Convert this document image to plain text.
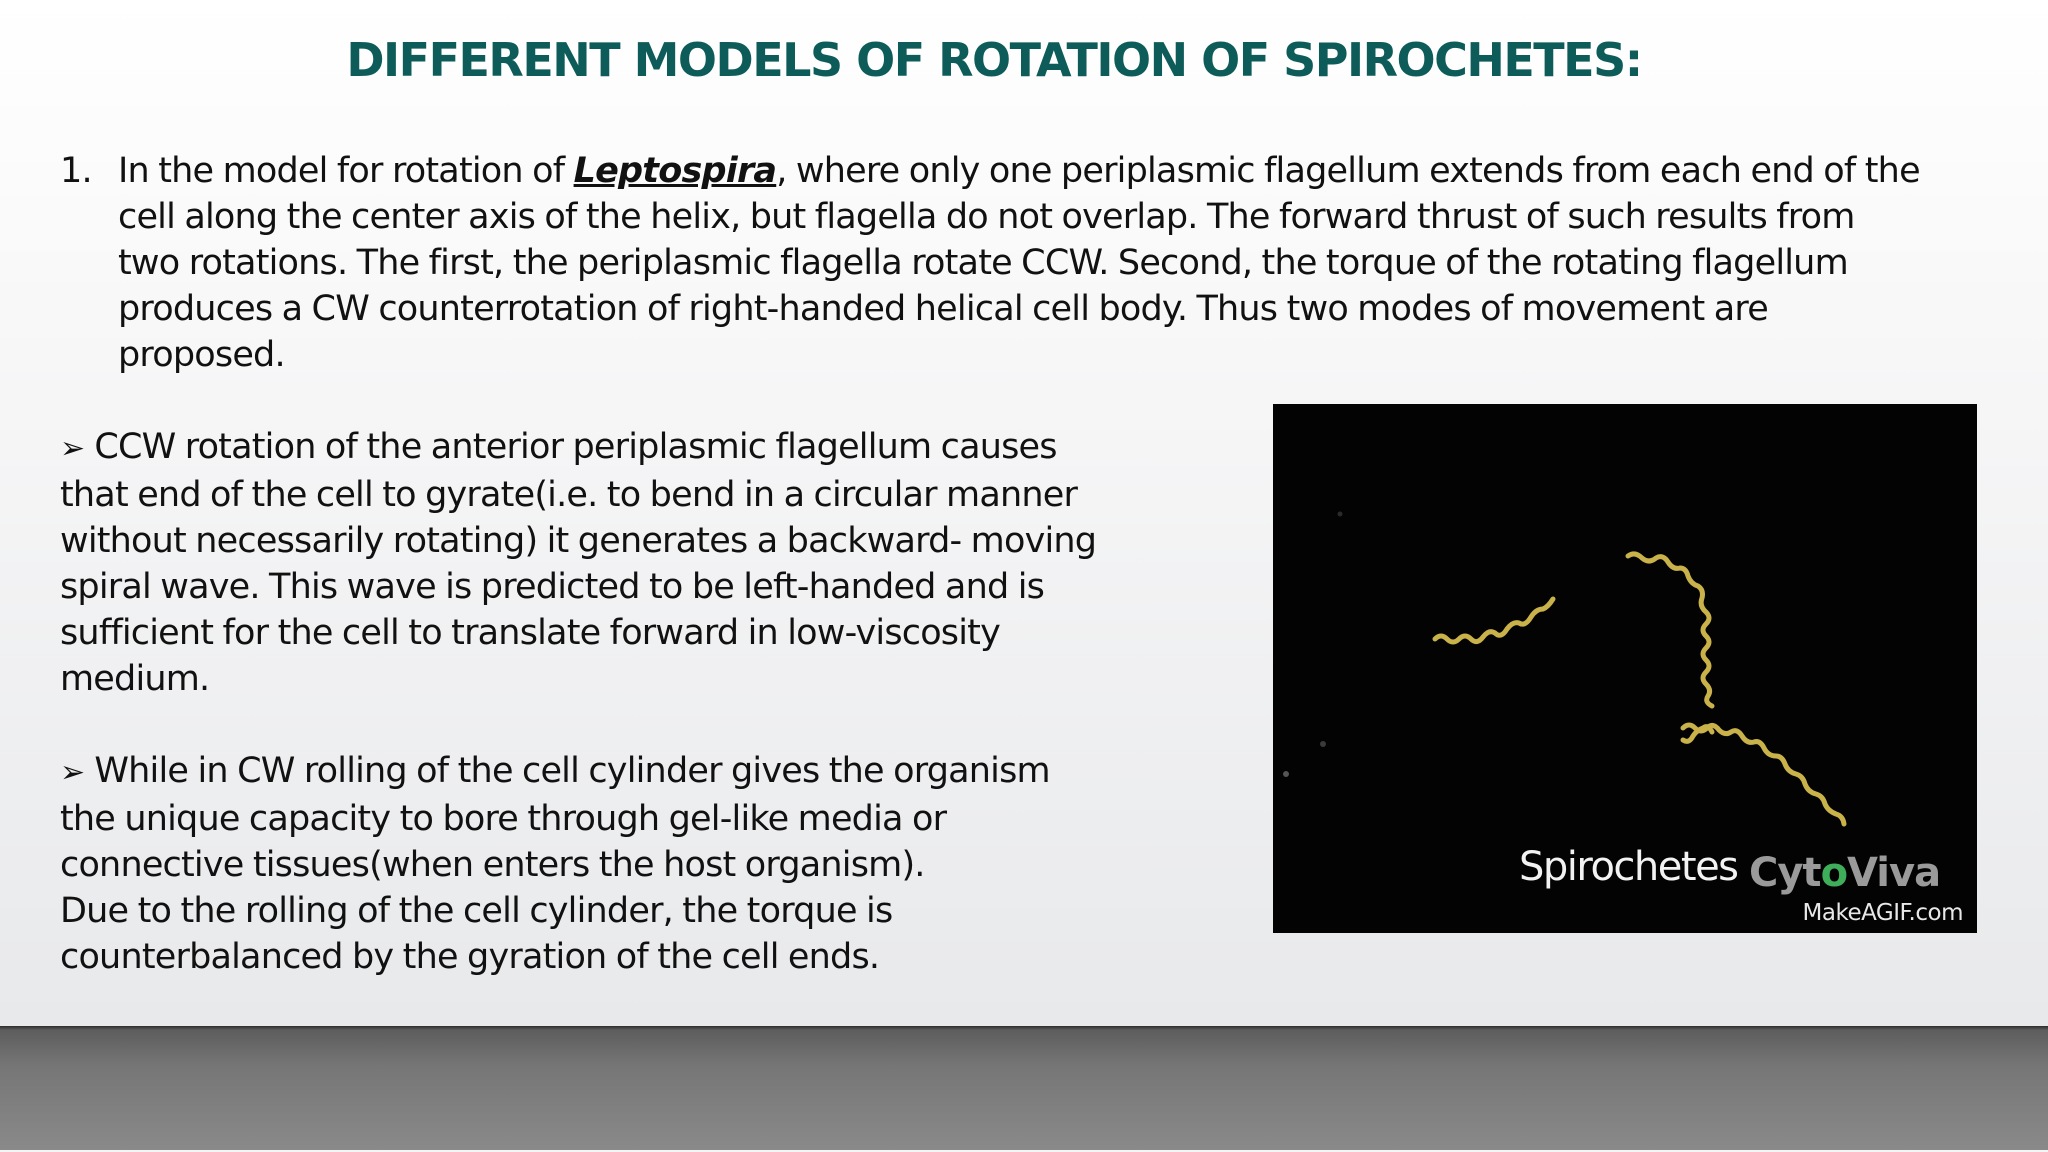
DIFFERENT MODELS OF ROTATION OF SPIROCHETES:
1. In the model for rotation of Leptospira, where only one periplasmic flagellum extends from each end of the cell along the center axis of the helix, but flagella do not overlap. The forward thrust of such results from two rotations. The first, the periplasmic flagella rotate CCW. Second, the torque of the rotating flagellum produces a CW counterrotation of right-handed helical cell body. Thus two modes of movement are proposed.

➢ CCW rotation of the anterior periplasmic flagellum causes that end of the cell to gyrate(i.e. to bend in a circular manner without necessarily rotating) it generates a backward- moving spiral wave. This wave is predicted to be left-handed and is sufficient for the cell to translate forward in low-viscosity medium.

➢ While in CW rolling of the cell cylinder gives the organism the unique capacity to bore through gel-like media or connective tissues(when enters the host organism).

Due to the rolling of the cell cylinder, the torque is counterbalanced by the gyration of the cell ends.

Spirochetes CytoViva
MakeAGIF.com
